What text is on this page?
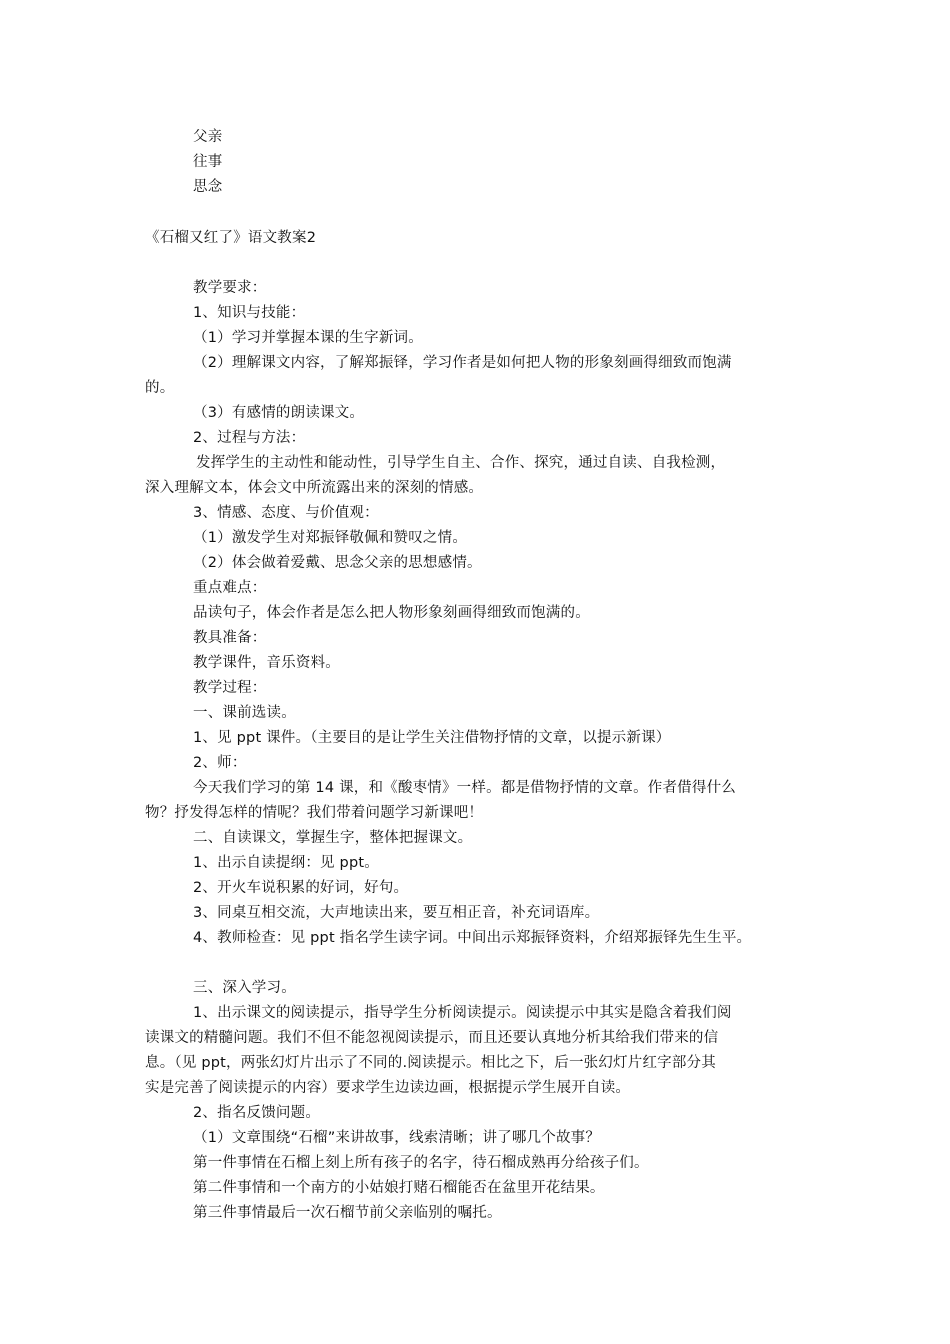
父亲
往事
思念
《石榴又红了》语文教案2
教学要求：
1、知识与技能：
（1）学习并掌握本课的生字新词。
（2）理解课文内容，了解郑振铎，学习作者是如何把人物的形象刻画得细致而饱满
的。
（3）有感情的朗读课文。
2、过程与方法：
发挥学生的主动性和能动性，引导学生自主、合作、探究，通过自读、自我检测，
深入理解文本，体会文中所流露出来的深刻的情感。
3、情感、态度、与价值观：
（1）激发学生对郑振铎敬佩和赞叹之情。
（2）体会做着爱戴、思念父亲的思想感情。
重点难点：
品读句子，体会作者是怎么把人物形象刻画得细致而饱满的。
教具准备：
教学课件，音乐资料。
教学过程：
一、课前选读。
1、见 ppt 课件。（主要目的是让学生关注借物抒情的文章，以提示新课）
2、师：
今天我们学习的第 14 课，和《酸枣情》一样。都是借物抒情的文章。作者借得什么
物？抒发得怎样的情呢？我们带着问题学习新课吧！
二、自读课文，掌握生字，整体把握课文。
1、出示自读提纲：见 ppt。
2、开火车说积累的好词，好句。
3、同桌互相交流，大声地读出来，要互相正音，补充词语库。
4、教师检查：见 ppt 指名学生读字词。中间出示郑振铎资料，介绍郑振铎先生生平。
三、深入学习。
1、出示课文的阅读提示，指导学生分析阅读提示。阅读提示中其实是隐含着我们阅
读课文的精髓问题。我们不但不能忽视阅读提示，而且还要认真地分析其给我们带来的信
息。（见 ppt，两张幻灯片出示了不同的.阅读提示。相比之下，后一张幻灯片红字部分其
实是完善了阅读提示的内容）要求学生边读边画，根据提示学生展开自读。
2、指名反馈问题。
（1）文章围绕“石榴”来讲故事，线索清晰；讲了哪几个故事？
第一件事情在石榴上刻上所有孩子的名字，待石榴成熟再分给孩子们。
第二件事情和一个南方的小姑娘打赌石榴能否在盆里开花结果。
第三件事情最后一次石榴节前父亲临别的嘱托。
